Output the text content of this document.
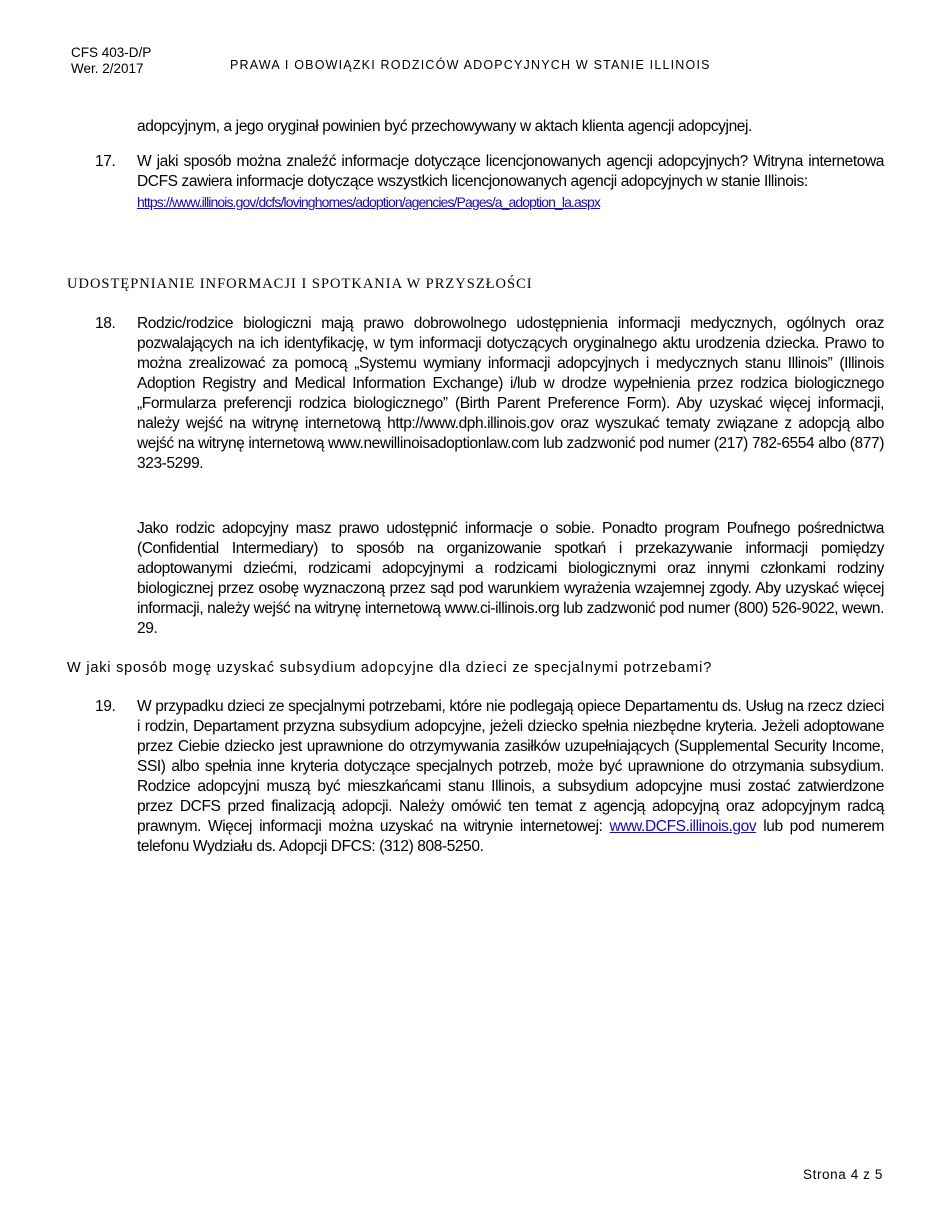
CFS 403-D/P
Wer. 2/2017	PRAWA I OBOWIĄZKI RODZICÓW ADOPCYJNYCH W STANIE ILLINOIS
adopcyjnym, a jego oryginał powinien być przechowywany w aktach klienta agencji adopcyjnej.
17.	W jaki sposób można znaleźć informacje dotyczące licencjonowanych agencji adopcyjnych? Witryna internetowa DCFS zawiera informacje dotyczące wszystkich licencjonowanych agencji adopcyjnych w stanie Illinois:
https://www.illinois.gov/dcfs/lovinghomes/adoption/agencies/Pages/a_adoption_la.aspx
UDOSTĘPNIANIE INFORMACJI I SPOTKANIA W PRZYSZŁOŚCI
18.	Rodzic/rodzice biologiczni mają prawo dobrowolnego udostępnienia informacji medycznych, ogólnych oraz pozwalających na ich identyfikację, w tym informacji dotyczących oryginalnego aktu urodzenia dziecka. Prawo to można zrealizować za pomocą „Systemu wymiany informacji adopcyjnych i medycznych stanu Illinois” (Illinois Adoption Registry and Medical Information Exchange) i/lub w drodze wypełnienia przez rodzica biologicznego „Formularza preferencji rodzica biologicznego” (Birth Parent Preference Form). Aby uzyskać więcej informacji, należy wejść na witrynę internetową http://www.dph.illinois.gov oraz wyszukać tematy związane z adopcją albo wejść na witrynę internetową www.newillinoisadoptionlaw.com lub zadzwonić pod numer (217) 782-6554 albo (877) 323-5299.
Jako rodzic adopcyjny masz prawo udostępnić informacje o sobie. Ponadto program Poufnego pośrednictwa (Confidential Intermediary) to sposób na organizowanie spotkań i przekazywanie informacji pomiędzy adoptowanymi dziećmi, rodzicami adopcyjnymi a rodzicami biologicznymi oraz innymi członkami rodziny biologicznej przez osobę wyznaczoną przez sąd pod warunkiem wyrażenia wzajemnej zgody. Aby uzyskać więcej informacji, należy wejść na witrynę internetową www.ci-illinois.org lub zadzwonić pod numer (800) 526-9022, wewn. 29.
W jaki sposób mogę uzyskać subsydium adopcyjne dla dzieci ze specjalnymi potrzebami?
19.	W przypadku dzieci ze specjalnymi potrzebami, które nie podlegają opiece Departamentu ds. Usług na rzecz dzieci i rodzin, Departament przyzna subsydium adopcyjne, jeżeli dziecko spełnia niezbędne kryteria. Jeżeli adoptowane przez Ciebie dziecko jest uprawnione do otrzymywania zasiłków uzupełniających (Supplemental Security Income, SSI) albo spełnia inne kryteria dotyczące specjalnych potrzeb, może być uprawnione do otrzymania subsydium. Rodzice adopcyjni muszą być mieszkańcami stanu Illinois, a subsydium adopcyjne musi zostać zatwierdzone przez DCFS przed finalizacją adopcji. Należy omówić ten temat z agencją adopcyjną oraz adopcyjnym radcą prawnym. Więcej informacji można uzyskać na witrynie internetowej: www.DCFS.illinois.gov lub pod numerem telefonu Wydziału ds. Adopcji DFCS: (312) 808-5250.
Strona 4 z 5
